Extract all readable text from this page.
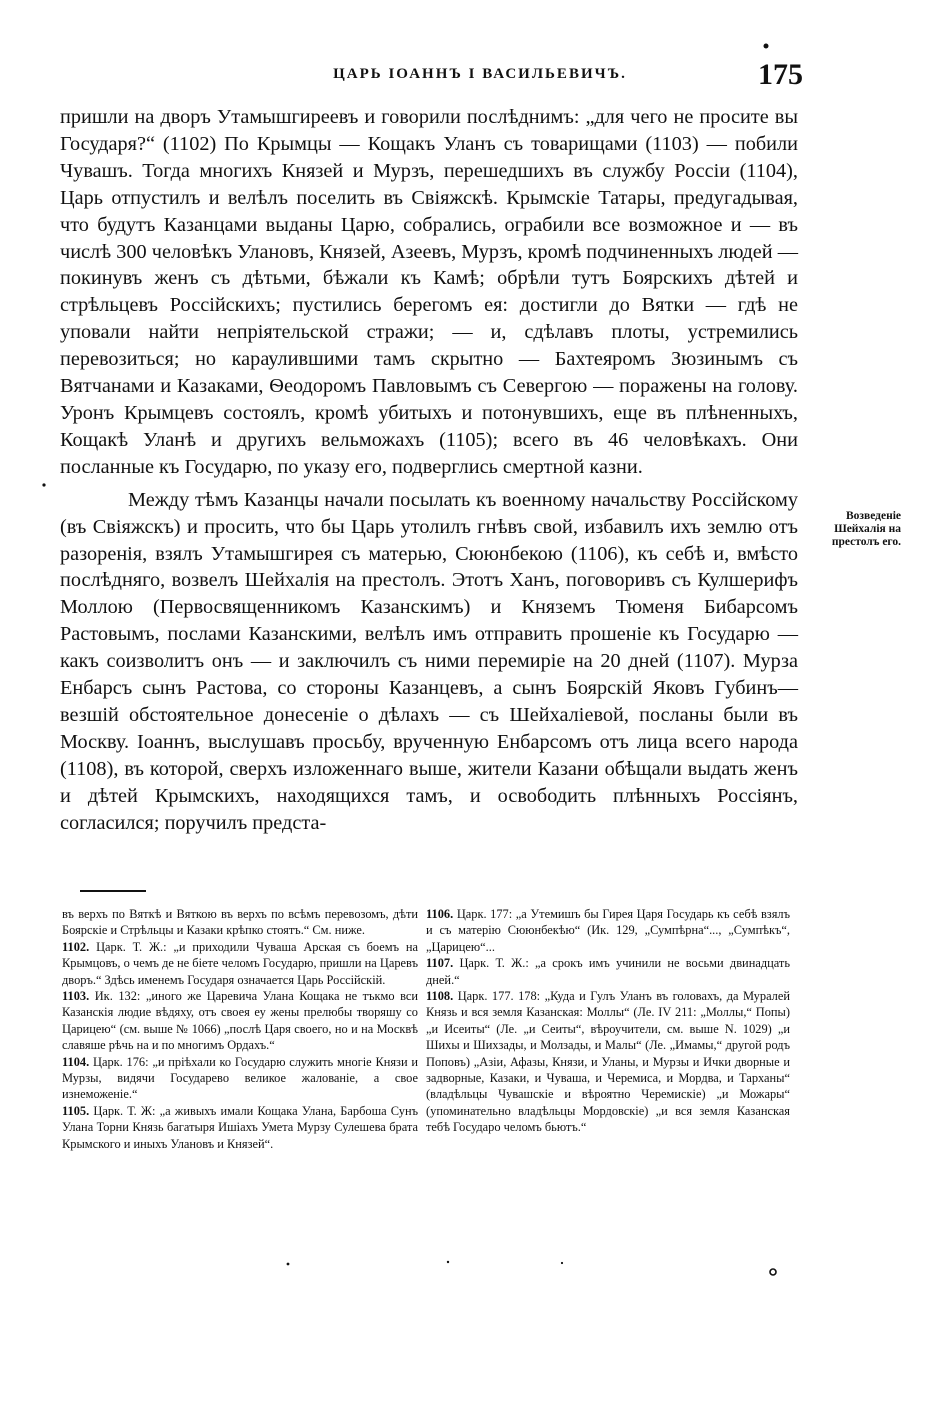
ЦАРЬ ІОАННЪ І ВАСИЛЬЕВИЧЪ.	175

пришли на дворъ Утамышгиреевъ и говорили послѣднимъ: „для чего не просите вы Государя?“ (1102) По Крымцы — Кощакъ Уланъ съ товарищами (1103) — побили Чувашъ. Тогда многихъ Князей и Мурзъ, перешедшихъ въ службу Россіи (1104), Царь отпустилъ и велѣлъ поселить въ Свіяжскѣ. Крымскіе Татары, предугадывая, что будутъ Казанцами выданы Царю, собрались, ограбили все возможное и — въ числѣ 300 человѣкъ Улановъ, Князей, Азеевъ, Мурзъ, кромѣ подчиненныхъ людей — покинувъ женъ съ дѣтьми, бѣжали къ Камѣ; обрѣли тутъ Боярскихъ дѣтей и стрѣльцевъ Россійскихъ; пустились берегомъ ея: достигли до Вятки — гдѣ не уповали найти непріятельской стражи; — и, сдѣлавъ плоты, устремились перевозиться; но караулившими тамъ скрытно — Бахтеяромъ Зюзинымъ съ Вятчанами и Казаками, Ѳеодоромъ Павловымъ съ Севергою — поражены на голову. Уронъ Крымцевъ состоялъ, кромѣ убитыхъ и потонувшихъ, еще въ плѣненныхъ, Кощакѣ Уланѣ и другихъ вельможахъ (1105); всего въ 46 человѣкахъ. Они посланные къ Государю, по указу его, подверглись смертной казни.

Между тѣмъ Казанцы начали посылать къ военному начальству Россійскому (въ Свіяжскъ) и просить, что бы Царь утолилъ гнѣвъ свой, избавилъ ихъ землю отъ разоренія, взялъ Утамышгирея съ матерью, Сююнбекою (1106), къ себѣ и, вмѣсто послѣдняго, возвелъ Шейхалія на престолъ. Этотъ Ханъ, поговоривъ съ Кулшерифъ Моллою (Первосвященникомъ Казанскимъ) и Княземъ Тюменя Бибарсомъ Растовымъ, послами Казанскими, велѣлъ имъ отправить прошеніе къ Государю — какъ соизволитъ онъ — и заключилъ съ ними перемиріе на 20 дней (1107). Мурза Енбарсъ сынъ Растова, со стороны Казанцевъ, а сынъ Боярскій Яковъ Губинъ— везшій обстоятельное донесеніе о дѣлахъ — съ Шейхаліевой, посланы были въ Москву. Іоаннъ, выслушавъ просьбу, врученную Енбарсомъ отъ лица всего народа (1108), въ которой, сверхъ изложеннаго выше, жители Казани обѣщали выдать женъ и дѣтей Крымскихъ, находящихся тамъ, и освободить плѣнныхъ Россіянъ, согласился; поручилъ предста-

Возведеніе Шейхалія на престолъ его.

въ верхъ по Вяткѣ и Вяткою въ верхъ по всѣмъ перевозомъ, дѣти Боярскіе и Стрѣльцы и Казаки крѣпко стоятъ.“ См. ниже.

1102. Царк. Т. Ж.: „и приходили Чуваша Арская съ боемъ на Крымцовъ, о чемъ де не біете челомъ Государю, пришли на Царевъ дворъ.“ Здѣсь именемъ Государя означается Царь Россійскій.

1103. Ик. 132: „иного же Царевича Улана Кощака не тъкмо вси Казанскія людие вѣдяху, отъ своея еу жены прелюбы творяшу со Царицею“ (см. выше № 1066) „послѣ Царя своего, но и на Москвѣ славяше рѣчь на и по многимъ Ордахъ.“

1104. Царк. 176: „и пріѣхали ко Государю служить многіе Князи и Мурзы, видячи Государево великое жалованіе, а свое изнеможеніе.“

1105. Царк. Т. Ж: „а живыхъ имали Кощака Улана, Барбоша Сунъ Улана Торни Князь багатыря Ишіахъ Умета Мурзу Сулешева брата Крымского и иныхъ Улановъ и Князей“.

1106. Царк. 177: „а Утемишъ бы Гирея Царя Государь къ себѣ взялъ и съ матерію Сююнбекѣю“ (Ик. 129, „Сумпѣрна“..., „Сумпѣкъ“, „Царицею“...

1107. Царк. Т. Ж.: „а срокъ имъ учинили не восьми двинадцать дней.“

1108. Царк. 177. 178: „Куда и Гулъ Уланъ въ головахъ, да Муралей Князь и вся земля Казанская: Моллы“ (Ле. IV 211: „Моллы,“ Попы) „и Исеиты“ (Ле. „и Сеиты“, вѣроучители, см. выше N. 1029) „и Шихы и Шихзады, и Молзады, и Малы“ (Ле. „Имамы,“ другой родъ Поповъ) „Азіи, Афазы, Князи, и Уланы, и Мурзы и Ички дворные и задворные, Казаки, и Чуваша, и Черемиса, и Мордва, и Тарханы“ (владѣльцы Чувашскіе и вѣроятно Черемискіе) „и Можары“ (упоминательно владѣльцы Мордовскіе) „и вся земля Казанская тебѣ Государо челомъ бьютъ.“
